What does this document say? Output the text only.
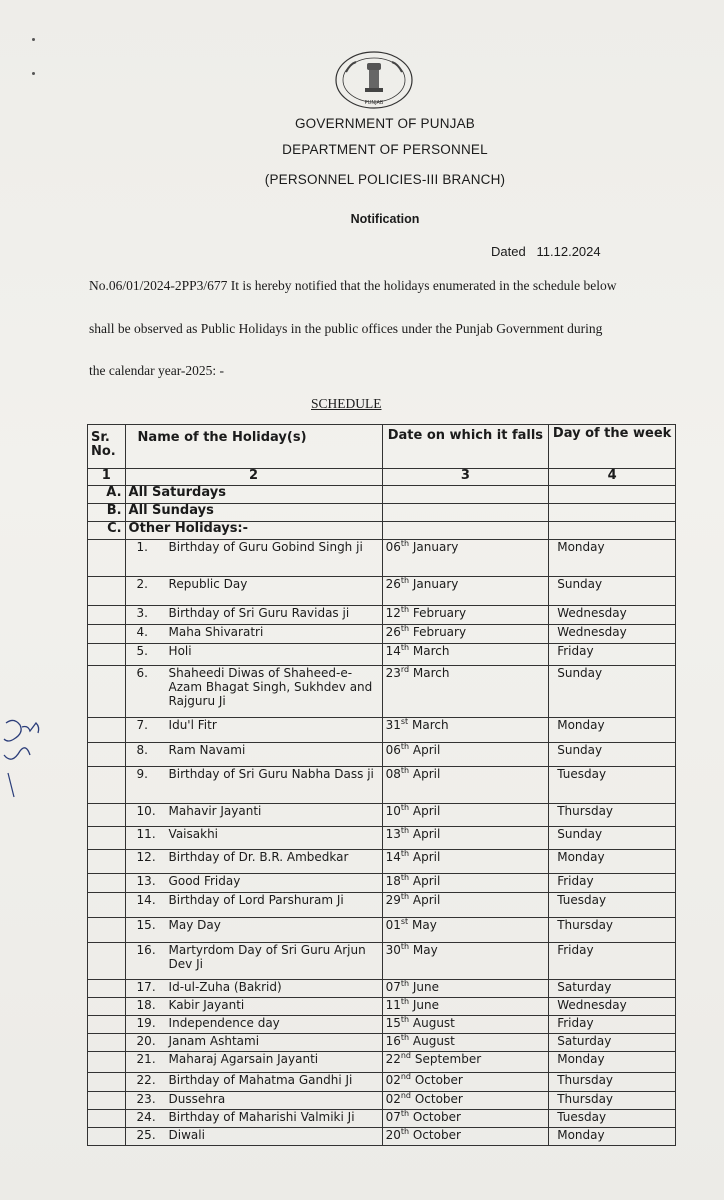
PUNJAB
GOVERNMENT OF PUNJAB
DEPARTMENT OF PERSONNEL
(PERSONNEL POLICIES-III BRANCH)
Notification
Dated   11.12.2024
No.06/01/2024-2PP3/677 It is hereby notified that the holidays enumerated in the schedule below
shall be observed as Public Holidays in the public offices under the Punjab Government during
the calendar year-2025: -
SCHEDULE
Sr. No.	Name of the Holiday(s)	Date on which it falls	Day of the week
1	2	3	4
A.	All Saturdays		
B.	All Sundays		
C.	Other Holidays:-		

	1. Birthday of Guru Gobind Singh ji	06th January	Monday

	2. Republic Day	26th January	Sunday

	3. Birthday of Sri Guru Ravidas ji	12th February	Wednesday

	4. Maha Shivaratri	26th February	Wednesday

	5. Holi	14th March	Friday

	6. Shaheedi Diwas of Shaheed-e-Azam Bhagat Singh, Sukhdev and Rajguru Ji	23rd March	Sunday

	7. Idu'l Fitr	31st March	Monday

	8. Ram Navami	06th April	Sunday

	9. Birthday of Sri Guru Nabha Dass ji	08th April	Tuesday

	10. Mahavir Jayanti	10th April	Thursday

	11. Vaisakhi	13th April	Sunday

	12. Birthday of Dr. B.R. Ambedkar	14th April	Monday

	13. Good Friday	18th April	Friday

	14. Birthday of Lord Parshuram Ji	29th April	Tuesday

	15. May Day	01st May	Thursday

	16. Martyrdom Day of Sri Guru Arjun Dev Ji	30th May	Friday

	17. Id-ul-Zuha (Bakrid)	07th June	Saturday

	18. Kabir Jayanti	11th June	Wednesday

	19. Independence day	15th August	Friday

	20. Janam Ashtami	16th August	Saturday

	21. Maharaj Agarsain Jayanti	22nd September	Monday

	22. Birthday of Mahatma Gandhi Ji	02nd October	Thursday

	23. Dussehra	02nd October	Thursday

	24. Birthday of Maharishi Valmiki Ji	07th October	Tuesday

	25. Diwali	20th October	Monday
